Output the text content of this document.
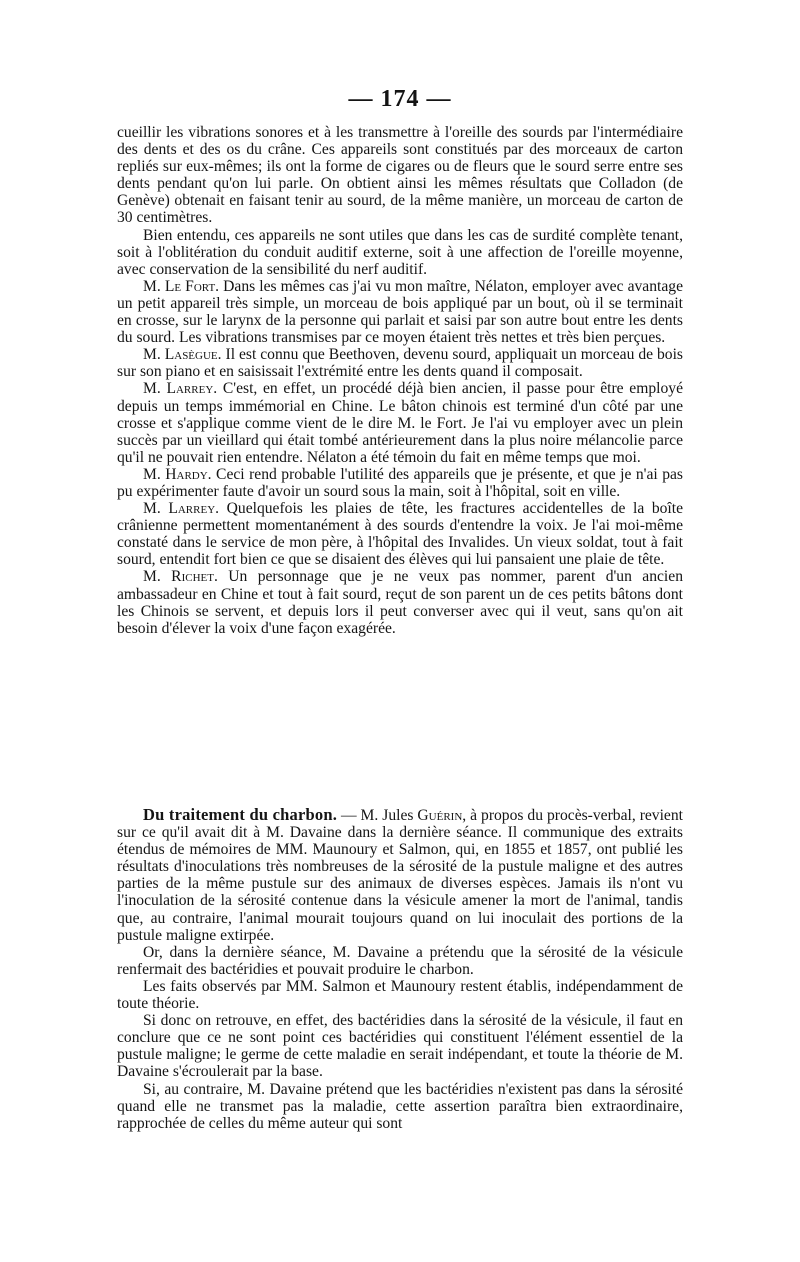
— 174 —

cueillir les vibrations sonores et à les transmettre à l'oreille des sourds par l'intermédiaire des dents et des os du crâne. Ces appareils sont constitués par des morceaux de carton repliés sur eux-mêmes; ils ont la forme de cigares ou de fleurs que le sourd serre entre ses dents pendant qu'on lui parle. On obtient ainsi les mêmes résultats que Colladon (de Genève) obtenait en faisant tenir au sourd, de la même manière, un morceau de carton de 30 centimètres.

Bien entendu, ces appareils ne sont utiles que dans les cas de surdité complète tenant, soit à l'oblitération du conduit auditif externe, soit à une affection de l'oreille moyenne, avec conservation de la sensibilité du nerf auditif.

M. Le Fort. Dans les mêmes cas j'ai vu mon maître, Nélaton, employer avec avantage un petit appareil très simple, un morceau de bois appliqué par un bout, où il se terminait en crosse, sur le larynx de la personne qui parlait et saisi par son autre bout entre les dents du sourd. Les vibrations transmises par ce moyen étaient très nettes et très bien perçues.

M. Lasègue. Il est connu que Beethoven, devenu sourd, appliquait un morceau de bois sur son piano et en saisissait l'extrémité entre les dents quand il composait.

M. Larrey. C'est, en effet, un procédé déjà bien ancien, il passe pour être employé depuis un temps immémorial en Chine. Le bâton chinois est terminé d'un côté par une crosse et s'applique comme vient de le dire M. le Fort. Je l'ai vu employer avec un plein succès par un vieillard qui était tombé antérieurement dans la plus noire mélancolie parce qu'il ne pouvait rien entendre. Nélaton a été témoin du fait en même temps que moi.

M. Hardy. Ceci rend probable l'utilité des appareils que je présente, et que je n'ai pas pu expérimenter faute d'avoir un sourd sous la main, soit à l'hôpital, soit en ville.

M. Larrey. Quelquefois les plaies de tête, les fractures accidentelles de la boîte crânienne permettent momentanément à des sourds d'entendre la voix. Je l'ai moi-même constaté dans le service de mon père, à l'hôpital des Invalides. Un vieux soldat, tout à fait sourd, entendit fort bien ce que se disaient des élèves qui lui pansaient une plaie de tête.

M. Richet. Un personnage que je ne veux pas nommer, parent d'un ancien ambassadeur en Chine et tout à fait sourd, reçut de son parent un de ces petits bâtons dont les Chinois se servent, et depuis lors il peut converser avec qui il veut, sans qu'on ait besoin d'élever la voix d'une façon exagérée.

Du traitement du charbon. — M. Jules Guérin, à propos du procès-verbal, revient sur ce qu'il avait dit à M. Davaine dans la dernière séance. Il communique des extraits étendus de mémoires de MM. Maunoury et Salmon, qui, en 1855 et 1857, ont publié les résultats d'inoculations très nombreuses de la sérosité de la pustule maligne et des autres parties de la même pustule sur des animaux de diverses espèces. Jamais ils n'ont vu l'inoculation de la sérosité contenue dans la vésicule amener la mort de l'animal, tandis que, au contraire, l'animal mourait toujours quand on lui inoculait des portions de la pustule maligne extirpée.

Or, dans la dernière séance, M. Davaine a prétendu que la sérosité de la vésicule renfermait des bactéridies et pouvait produire le charbon.

Les faits observés par MM. Salmon et Maunoury restent établis, indépendamment de toute théorie.

Si donc on retrouve, en effet, des bactéridies dans la sérosité de la vésicule, il faut en conclure que ce ne sont point ces bactéridies qui constituent l'élément essentiel de la pustule maligne; le germe de cette maladie en serait indépendant, et toute la théorie de M. Davaine s'écroulerait par la base.

Si, au contraire, M. Davaine prétend que les bactéridies n'existent pas dans la sérosité quand elle ne transmet pas la maladie, cette assertion paraîtra bien extraordinaire, rapprochée de celles du même auteur qui sont
